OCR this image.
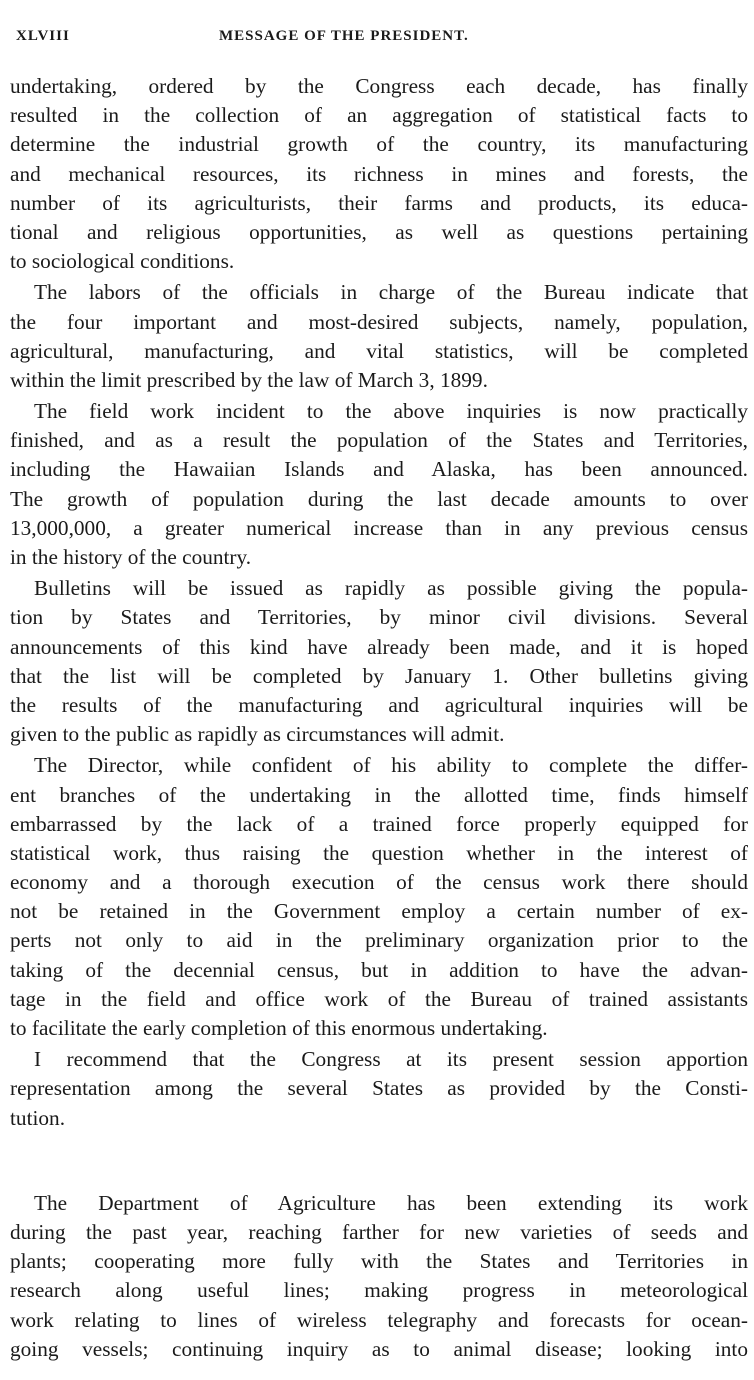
XLVIII	MESSAGE OF THE PRESIDENT.

undertaking, ordered by the Congress each decade, has finally
resulted in the collection of an aggregation of statistical facts to
determine the industrial growth of the country, its manufacturing
and mechanical resources, its richness in mines and forests, the
number of its agriculturists, their farms and products, its educa-
tional and religious opportunities, as well as questions pertaining
to sociological conditions.

The labors of the officials in charge of the Bureau indicate that
the four important and most-desired subjects, namely, population,
agricultural, manufacturing, and vital statistics, will be completed
within the limit prescribed by the law of March 3, 1899.

The field work incident to the above inquiries is now practically
finished, and as a result the population of the States and Territories,
including the Hawaiian Islands and Alaska, has been announced.
The growth of population during the last decade amounts to over
13,000,000, a greater numerical increase than in any previous census
in the history of the country.

Bulletins will be issued as rapidly as possible giving the popula-
tion by States and Territories, by minor civil divisions. Several
announcements of this kind have already been made, and it is hoped
that the list will be completed by January 1. Other bulletins giving
the results of the manufacturing and agricultural inquiries will be
given to the public as rapidly as circumstances will admit.

The Director, while confident of his ability to complete the differ-
ent branches of the undertaking in the allotted time, finds himself
embarrassed by the lack of a trained force properly equipped for
statistical work, thus raising the question whether in the interest of
economy and a thorough execution of the census work there should
not be retained in the Government employ a certain number of ex-
perts not only to aid in the preliminary organization prior to the
taking of the decennial census, but in addition to have the advan-
tage in the field and office work of the Bureau of trained assistants
to facilitate the early completion of this enormous undertaking.

I recommend that the Congress at its present session apportion
representation among the several States as provided by the Consti-
tution.

The Department of Agriculture has been extending its work
during the past year, reaching farther for new varieties of seeds and
plants; cooperating more fully with the States and Territories in
research along useful lines; making progress in meteorological
work relating to lines of wireless telegraphy and forecasts for ocean-
going vessels; continuing inquiry as to animal disease; looking into
